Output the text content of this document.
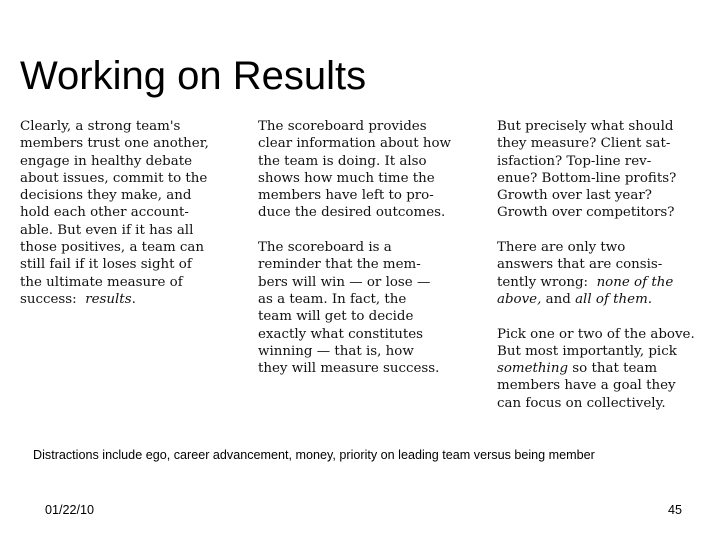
Working on Results
Clearly, a strong team's
members trust one another,
engage in healthy debate
about issues, commit to the
decisions they make, and
hold each other account-
able. But even if it has all
those positives, a team can
still fail if it loses sight of
the ultimate measure of
success:  results.
The scoreboard provides
clear information about how
the team is doing. It also
shows how much time the
members have left to pro-
duce the desired outcomes.
The scoreboard is a
reminder that the mem-
bers will win — or lose —
as a team. In fact, the
team will get to decide
exactly what constitutes
winning — that is, how
they will measure success.
But precisely what should
they measure? Client sat-
isfaction? Top-line rev-
enue? Bottom-line profits?
Growth over last year?
Growth over competitors?
There are only two
answers that are consis-
tently wrong:  none of the
above, and all of them.
Pick one or two of the above.
But most importantly, pick
something so that team
members have a goal they
can focus on collectively.
Distractions include ego, career advancement, money, priority on leading team versus being member
01/22/10	45
